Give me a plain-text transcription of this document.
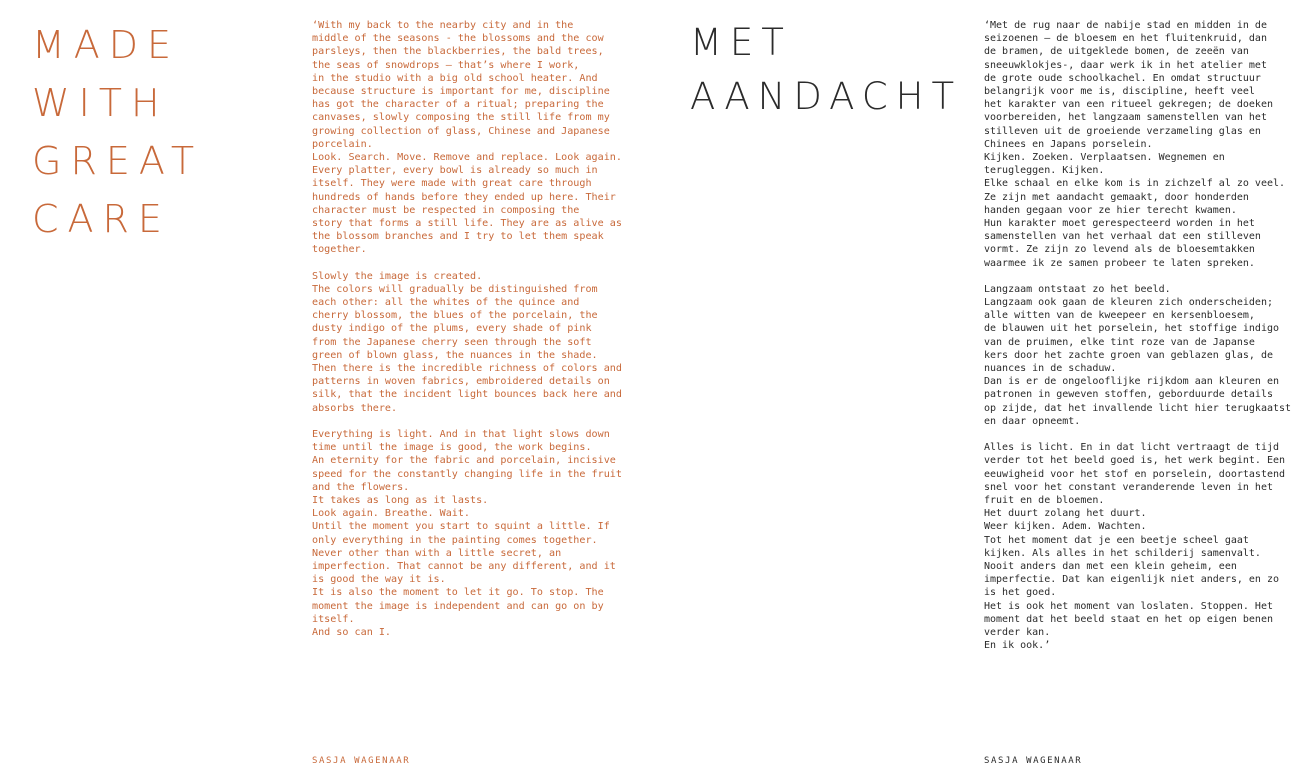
MADE
WITH
GREAT
CARE

‘With my back to the nearby city and in the
middle of the seasons - the blossoms and the cow
parsleys, then the blackberries, the bald trees,
the seas of snowdrops – that’s where I work,
in the studio with a big old school heater. And
because structure is important for me, discipline
has got the character of a ritual; preparing the
canvases, slowly composing the still life from my
growing collection of glass, Chinese and Japanese
porcelain.
Look. Search. Move. Remove and replace. Look again.
Every platter, every bowl is already so much in
itself. They were made with great care through
hundreds of hands before they ended up here. Their
character must be respected in composing the
story that forms a still life. They are as alive as
the blossom branches and I try to let them speak
together.

Slowly the image is created.
The colors will gradually be distinguished from
each other: all the whites of the quince and
cherry blossom, the blues of the porcelain, the
dusty indigo of the plums, every shade of pink
from the Japanese cherry seen through the soft
green of blown glass, the nuances in the shade.
Then there is the incredible richness of colors and
patterns in woven fabrics, embroidered details on
silk, that the incident light bounces back here and
absorbs there.

Everything is light. And in that light slows down
time until the image is good, the work begins.
An eternity for the fabric and porcelain, incisive
speed for the constantly changing life in the fruit
and the flowers.
It takes as long as it lasts.
Look again. Breathe. Wait.
Until the moment you start to squint a little. If
only everything in the painting comes together.
Never other than with a little secret, an
imperfection. That cannot be any different, and it
is good the way it is.
It is also the moment to let it go. To stop. The
moment the image is independent and can go on by
itself.
And so can I.

SASJA WAGENAAR

MET
AANDACHT

‘Met de rug naar de nabije stad en midden in de
seizoenen – de bloesem en het fluitenkruid, dan
de bramen, de uitgeklede bomen, de zeeën van
sneeuwklokjes-, daar werk ik in het atelier met
de grote oude schoolkachel. En omdat structuur
belangrijk voor me is, discipline, heeft veel
het karakter van een ritueel gekregen; de doeken
voorbereiden, het langzaam samenstellen van het
stilleven uit de groeiende verzameling glas en
Chinees en Japans porselein.
Kijken. Zoeken. Verplaatsen. Wegnemen en
terugleggen. Kijken.
Elke schaal en elke kom is in zichzelf al zo veel.
Ze zijn met aandacht gemaakt, door honderden
handen gegaan voor ze hier terecht kwamen.
Hun karakter moet gerespecteerd worden in het
samenstellen van het verhaal dat een stilleven
vormt. Ze zijn zo levend als de bloesemtakken
waarmee ik ze samen probeer te laten spreken.

Langzaam ontstaat zo het beeld.
Langzaam ook gaan de kleuren zich onderscheiden;
alle witten van de kweepeer en kersenbloesem,
de blauwen uit het porselein, het stoffige indigo
van de pruimen, elke tint roze van de Japanse
kers door het zachte groen van geblazen glas, de
nuances in de schaduw.
Dan is er de ongelooflijke rijkdom aan kleuren en
patronen in geweven stoffen, geborduurde details
op zijde, dat het invallende licht hier terugkaatst
en daar opneemt.

Alles is licht. En in dat licht vertraagt de tijd
verder tot het beeld goed is, het werk begint. Een
eeuwigheid voor het stof en porselein, doortastend
snel voor het constant veranderende leven in het
fruit en de bloemen.
Het duurt zolang het duurt.
Weer kijken. Adem. Wachten.
Tot het moment dat je een beetje scheel gaat
kijken. Als alles in het schilderij samenvalt.
Nooit anders dan met een klein geheim, een
imperfectie. Dat kan eigenlijk niet anders, en zo
is het goed.
Het is ook het moment van loslaten. Stoppen. Het
moment dat het beeld staat en het op eigen benen
verder kan.
En ik ook.’

SASJA WAGENAAR
